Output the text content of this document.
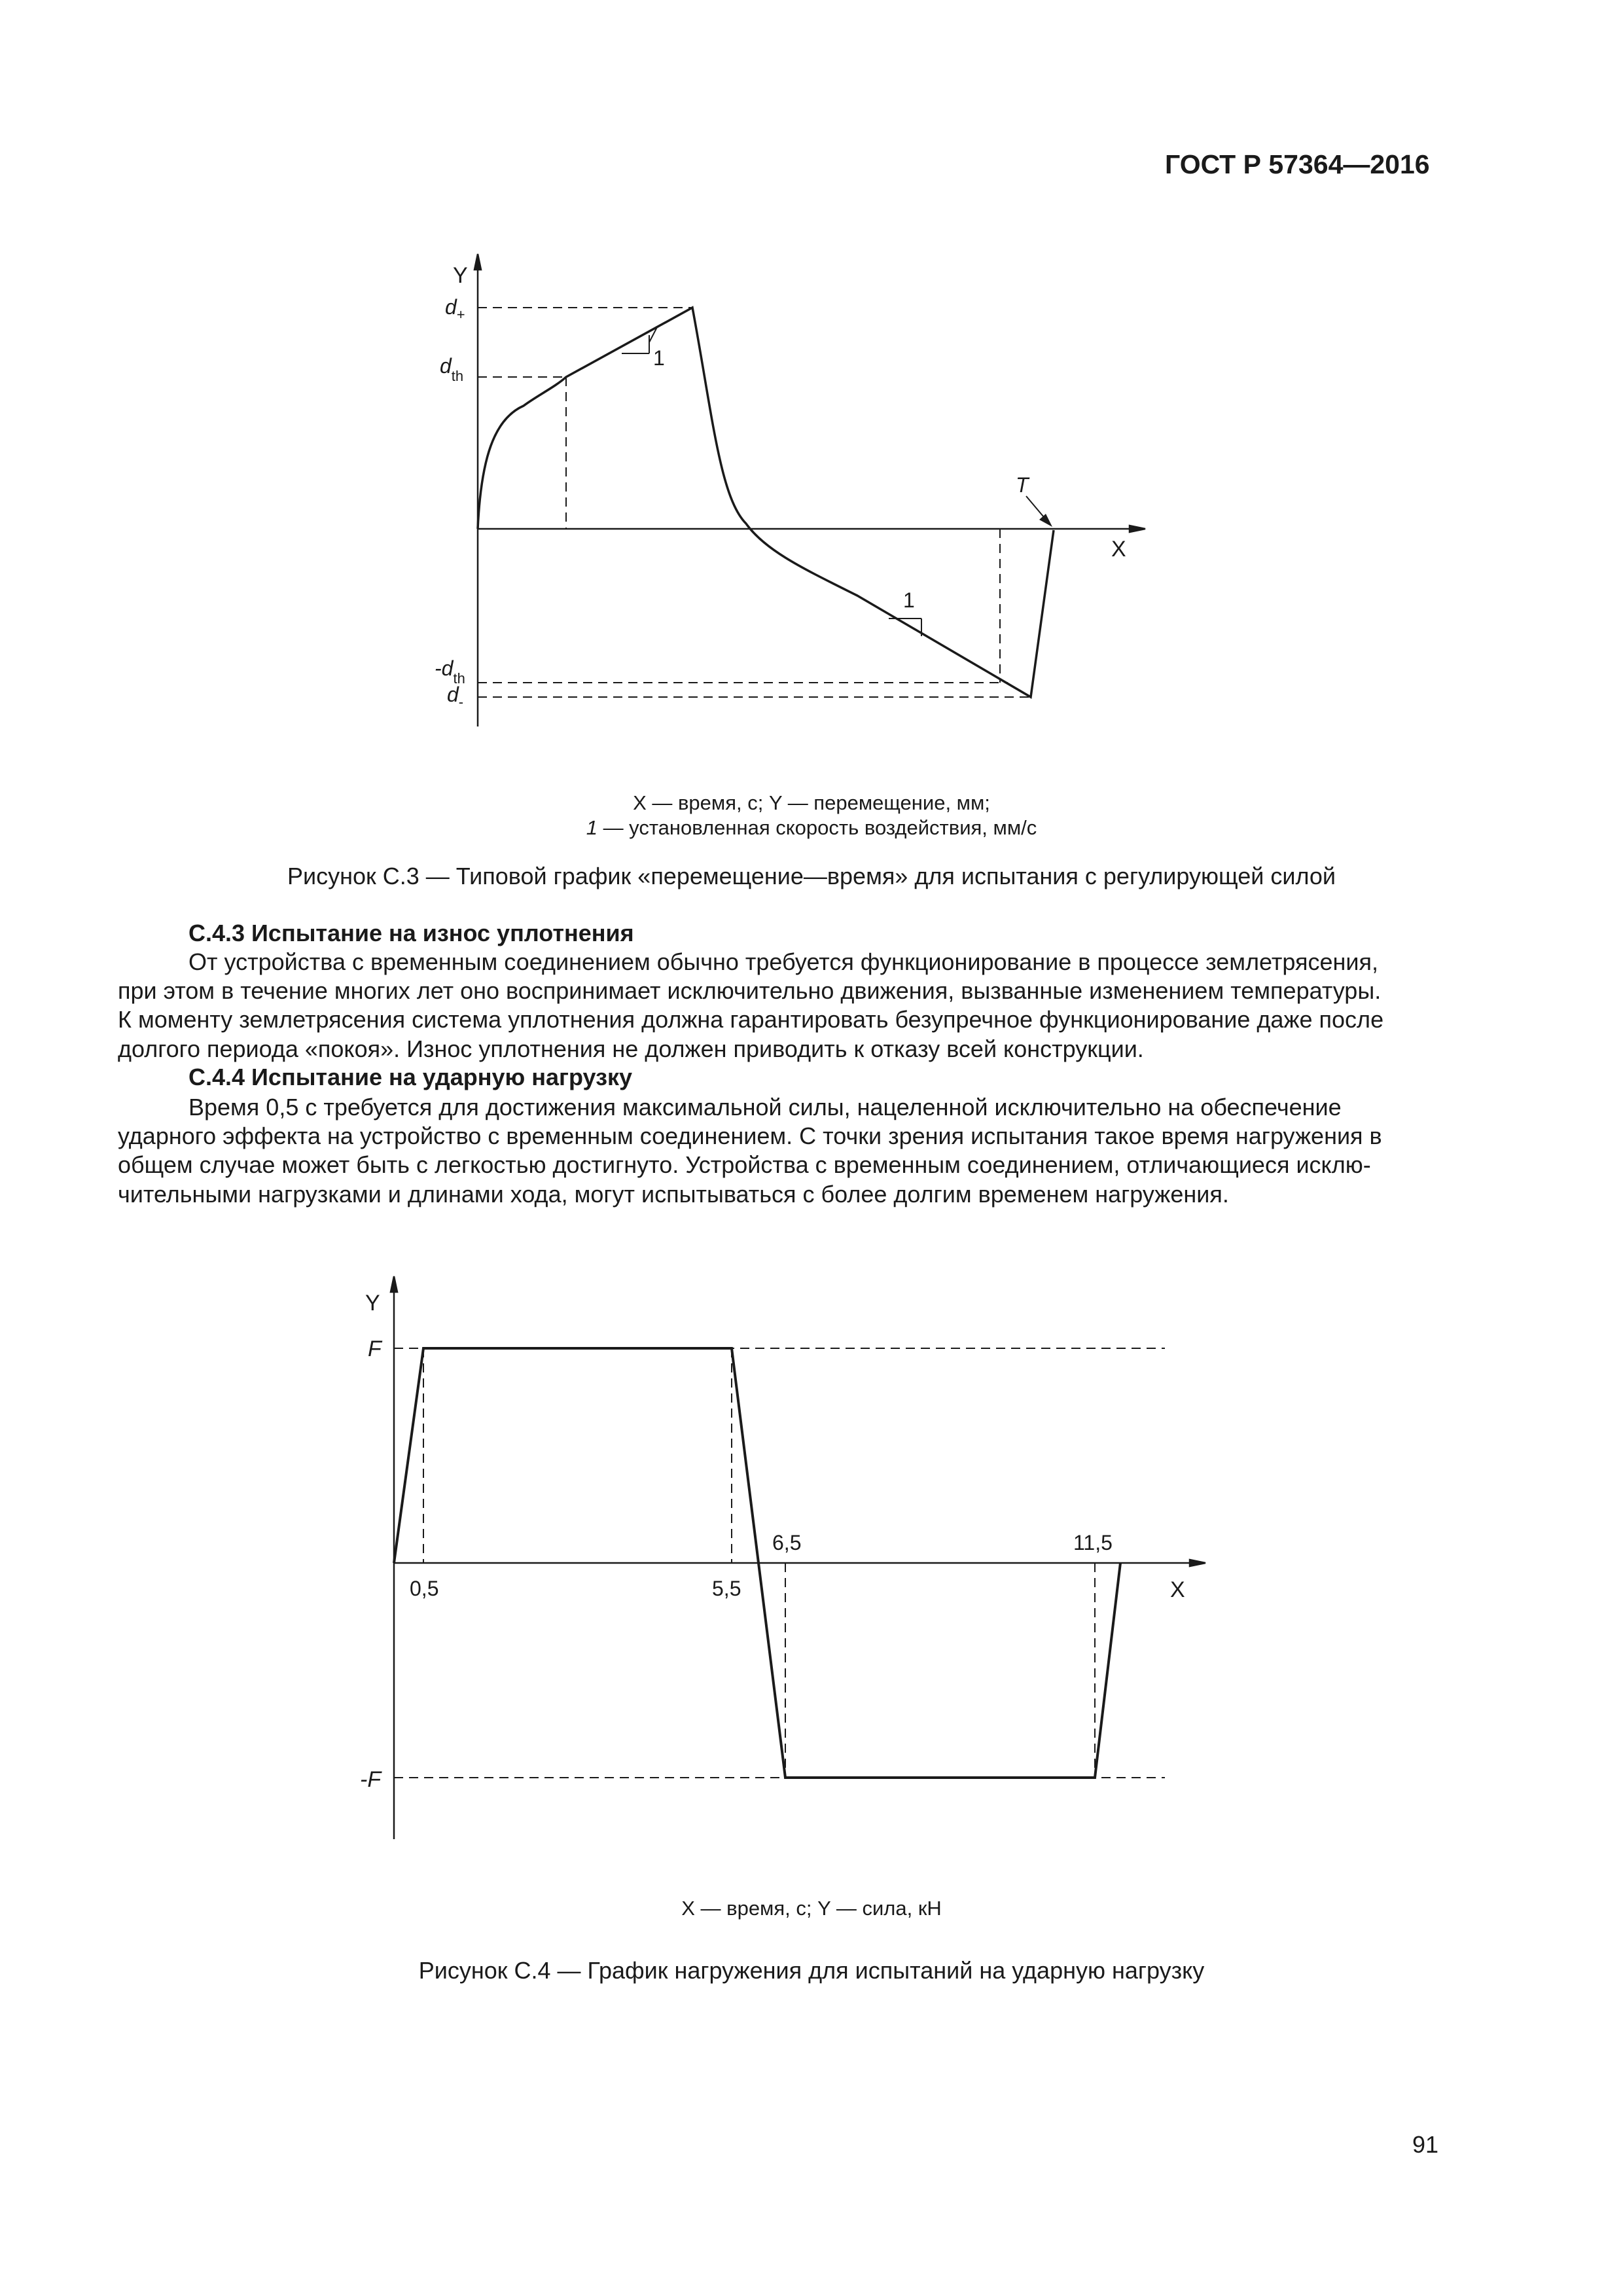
ГОСТ Р 57364—2016
Y
X
$d_+$
$d_{th}$
$-d_{th}$
$d_-$
1
1
T
X — время, с; Y — перемещение, мм;
1 — установленная скорость воздействия, мм/с
Рисунок С.3 — Типовой график «перемещение—время» для испытания с регулирующей силой
С.4.3 Испытание на износ уплотнения

От устройства с временным соединением обычно требуется функционирование в процессе землетрясения,

при этом в течение многих лет оно воспринимает исключительно движения, вызванные изменением температуры.

К моменту землетрясения система уплотнения должна гарантировать безупречное функционирование даже после

долгого периода «покоя». Износ уплотнения не должен приводить к отказу всей конструкции.

С.4.4 Испытание на ударную нагрузку

Время 0,5 с требуется для достижения максимальной силы, нацеленной исключительно на обеспечение

ударного эффекта на устройство с временным соединением. С точки зрения испытания такое время нагружения в

общем случае может быть с легкостью достигнуто. Устройства с временным соединением, отличающиеся исклю-

чительными нагрузками и длинами хода, могут испытываться с более долгим временем нагружения.

Y
X
F
-F
0,5	5,5
6,5	11,5
X — время, с; Y — сила, кН
Рисунок С.4 — График нагружения для испытаний на ударную нагрузку
91
